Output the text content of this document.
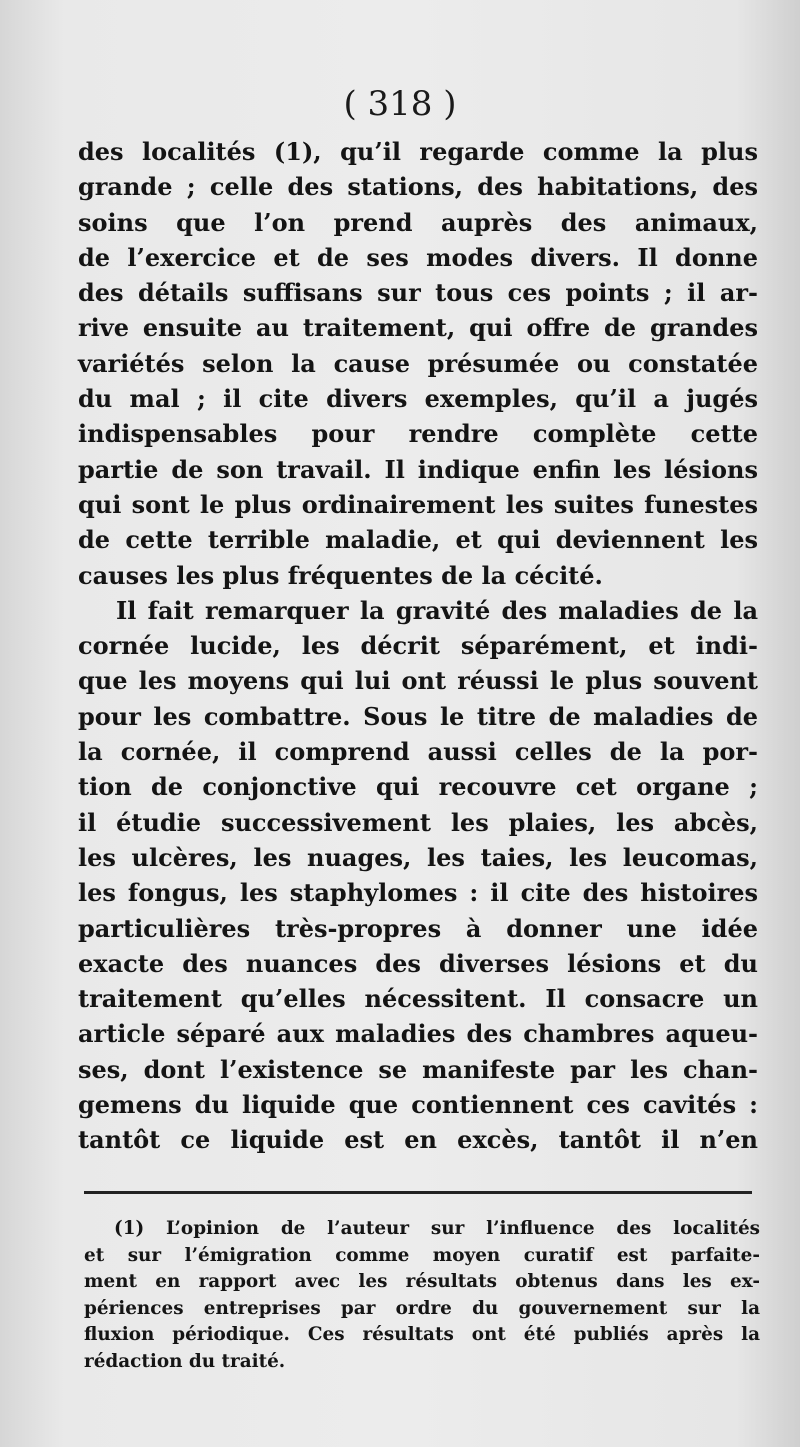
( 318 )
des localités (1), qu’il regarde comme la plus
grande ; celle des stations, des habitations, des
soins que l’on prend auprès des animaux,
de l’exercice et de ses modes divers. Il donne
des détails suffisans sur tous ces points ; il ar-
rive ensuite au traitement, qui offre de grandes
variétés selon la cause présumée ou constatée
du mal ; il cite divers exemples, qu’il a jugés
indispensables pour rendre complète cette
partie de son travail. Il indique enfin les lésions
qui sont le plus ordinairement les suites funestes
de cette terrible maladie, et qui deviennent les
causes les plus fréquentes de la cécité.
Il fait remarquer la gravité des maladies de la
cornée lucide, les décrit séparément, et indi-
que les moyens qui lui ont réussi le plus souvent
pour les combattre. Sous le titre de maladies de
la cornée, il comprend aussi celles de la por-
tion de conjonctive qui recouvre cet organe ;
il étudie successivement les plaies, les abcès,
les ulcères, les nuages, les taies, les leucomas,
les fongus, les staphylomes : il cite des histoires
particulières très-propres à donner une idée
exacte des nuances des diverses lésions et du
traitement qu’elles nécessitent. Il consacre un
article séparé aux maladies des chambres aqueu-
ses, dont l’existence se manifeste par les chan-
gemens du liquide que contiennent ces cavités :
tantôt ce liquide est en excès, tantôt il n’en
(1) L’opinion de l’auteur sur l’influence des localités
et sur l’émigration comme moyen curatif est parfaite-
ment en rapport avec les résultats obtenus dans les ex-
périences entreprises par ordre du gouvernement sur la
fluxion périodique. Ces résultats ont été publiés après la
rédaction du traité.
